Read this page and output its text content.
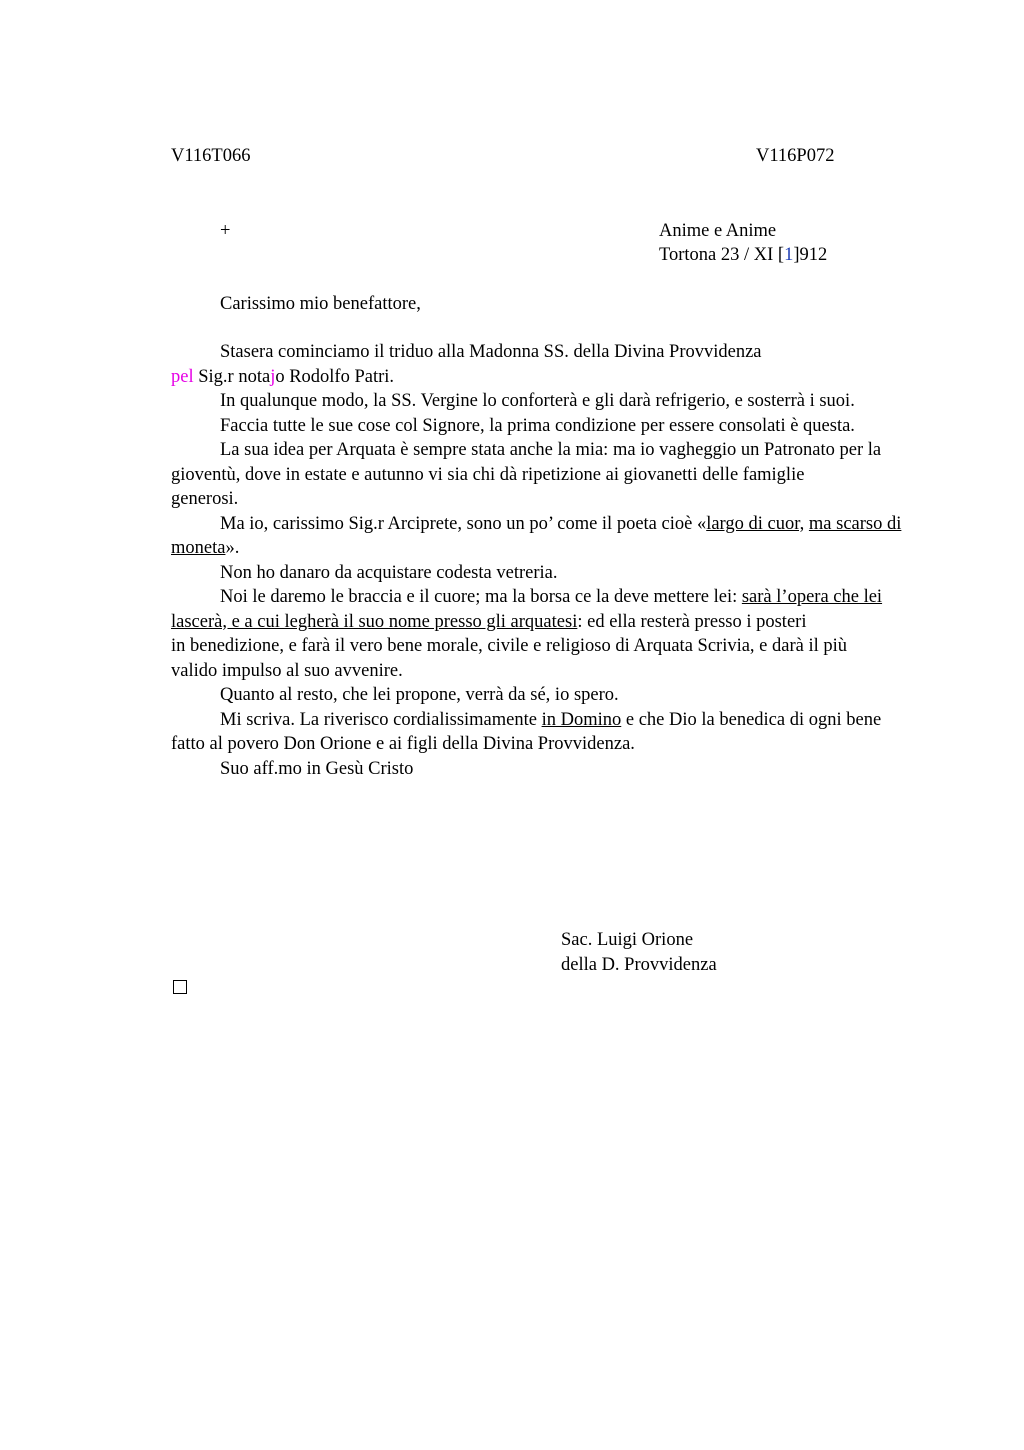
V116T066	V116P072
+	Anime e Anime
Tortona 23 / XI [1]912
Carissimo mio benefattore,
Stasera cominciamo il triduo alla Madonna SS. della Divina Provvidenza
pel Sig.r notajo Rodolfo Patri.
In qualunque modo, la SS. Vergine lo conforterà e gli darà refrigerio, e sosterrà i suoi.
Faccia tutte le sue cose col Signore, la prima condizione per essere consolati è questa.
La sua idea per Arquata è sempre stata anche la mia: ma io vagheggio un Patronato per la gioventù, dove in estate e autunno vi sia chi dà ripetizione ai giovanetti delle famiglie
generosi.
Ma io, carissimo Sig.r Arciprete, sono un po’ come il poeta cioè «largo di cuor, ma scarso di moneta».
Non ho danaro da acquistare codesta vetreria.
Noi le daremo le braccia e il cuore; ma la borsa ce la deve mettere lei: sarà l’opera che lei lascerà, e a cui legherà il suo nome presso gli arquatesi: ed ella resterà presso i posteri
in benedizione, e farà il vero bene morale, civile e religioso di Arquata Scrivia, e darà il più
valido impulso al suo avvenire.
Quanto al resto, che lei propone, verrà da sé, io spero.
Mi scriva. La riverisco cordialissimamente in Domino e che Dio la benedica di ogni bene fatto al povero Don Orione e ai figli della Divina Provvidenza.
Suo aff.mo in Gesù Cristo
Sac. Luigi Orione
della D. Provvidenza
